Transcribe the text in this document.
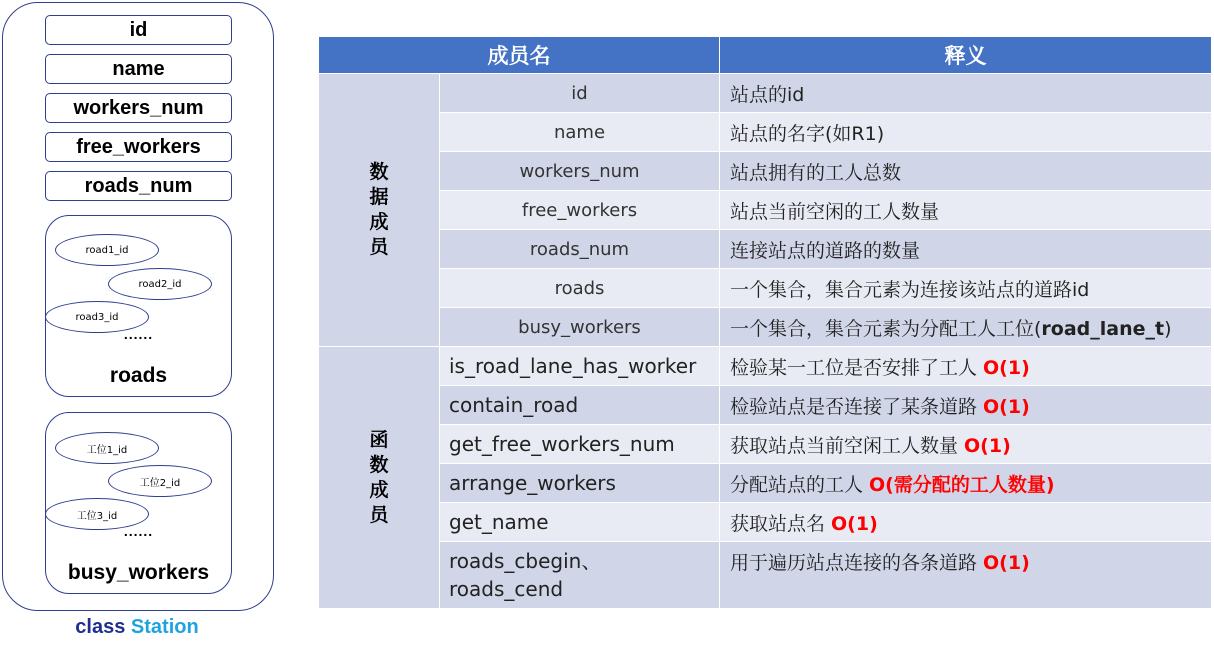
id
name
workers_num
free_workers
roads_num
road1_id
road2_id
road3_id
......
roads
工位1_id
工位2_id
工位3_id
......
busy_workers
class Station
成员名		释义
数
据
成
员	id	站点的id
	name	站点的名字(如R1)
	workers_num	站点拥有的工人总数
	free_workers	站点当前空闲的工人数量
	roads_num	连接站点的道路的数量
	roads	一个集合，集合元素为连接该站点的道路id
	busy_workers	一个集合，集合元素为分配工人工位(road_lane_t)
函
数
成
员	is_road_lane_has_worker	检验某一工位是否安排了工人 O(1)
	contain_road	检验站点是否连接了某条道路 O(1)
	get_free_workers_num	获取站点当前空闲工人数量 O(1)
	arrange_workers	分配站点的工人 O(需分配的工人数量)
	get_name	获取站点名 O(1)
	roads_cbegin、
roads_cend	用于遍历站点连接的各条道路 O(1)
